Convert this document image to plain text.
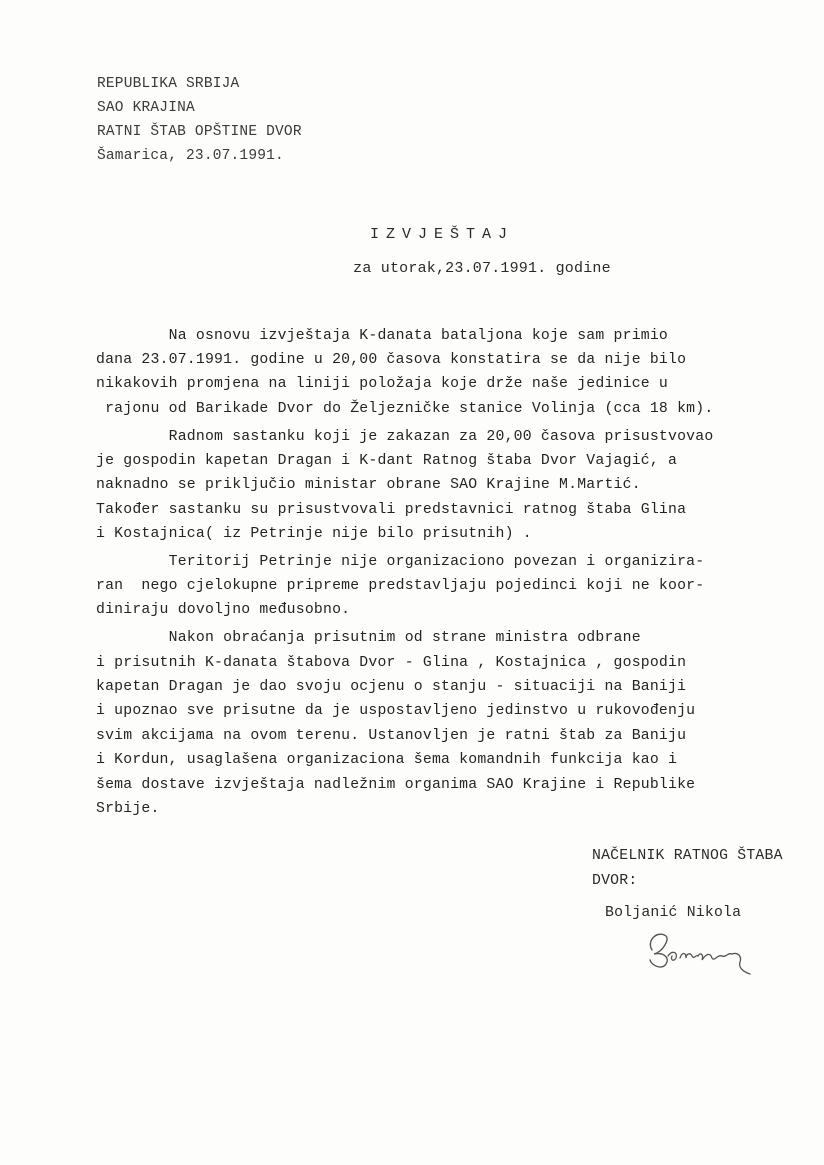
REPUBLIKA SRBIJA
SAO KRAJINA
RATNI ŠTAB OPŠTINE DVOR
Šamarica, 23.07.1991.
IZVJEŠTAJ
za utorak,23.07.1991. godine
Na osnovu izvještaja K-danata bataljona koje sam primio
dana 23.07.1991. godine u 20,00 časova konstatira se da nije bilo
nikakovih promjena na liniji položaja koje drže naše jedinice u
rajonu od Barikade Dvor do Željezničke stanice Volinja (cca 18 km).
Radnom sastanku koji je zakazan za 20,00 časova prisustvovao
je gospodin kapetan Dragan i K-dant Ratnog štaba Dvor Vajagić, a
naknadno se priključio ministar obrane SAO Krajine M.Martić.
Također sastanku su prisustvovali predstavnici ratnog štaba Glina
i Kostajnica( iz Petrinje nije bilo prisutnih) .
Teritorij Petrinje nije organizaciono povezan i organizira-
ran  nego cjelokupne pripreme predstavljaju pojedinci koji ne koor-
diniraju dovoljno međusobno.
Nakon obraćanja prisutnim od strane ministra odbrane
i prisutnih K-danata štabova Dvor - Glina , Kostajnica , gospodin
kapetan Dragan je dao svoju ocjenu o stanju - situaciji na Baniji
i upoznao sve prisutne da je uspostavljeno jedinstvo u rukovođenju
svim akcijama na ovom terenu. Ustanovljen je ratni štab za Baniju
i Kordun, usaglašena organizaciona šema komandnih funkcija kao i
šema dostave izvještaja nadležnim organima SAO Krajine i Republike
Srbije.
NAČELNIK RATNOG ŠTABA
DVOR:
Boljanić Nikola
